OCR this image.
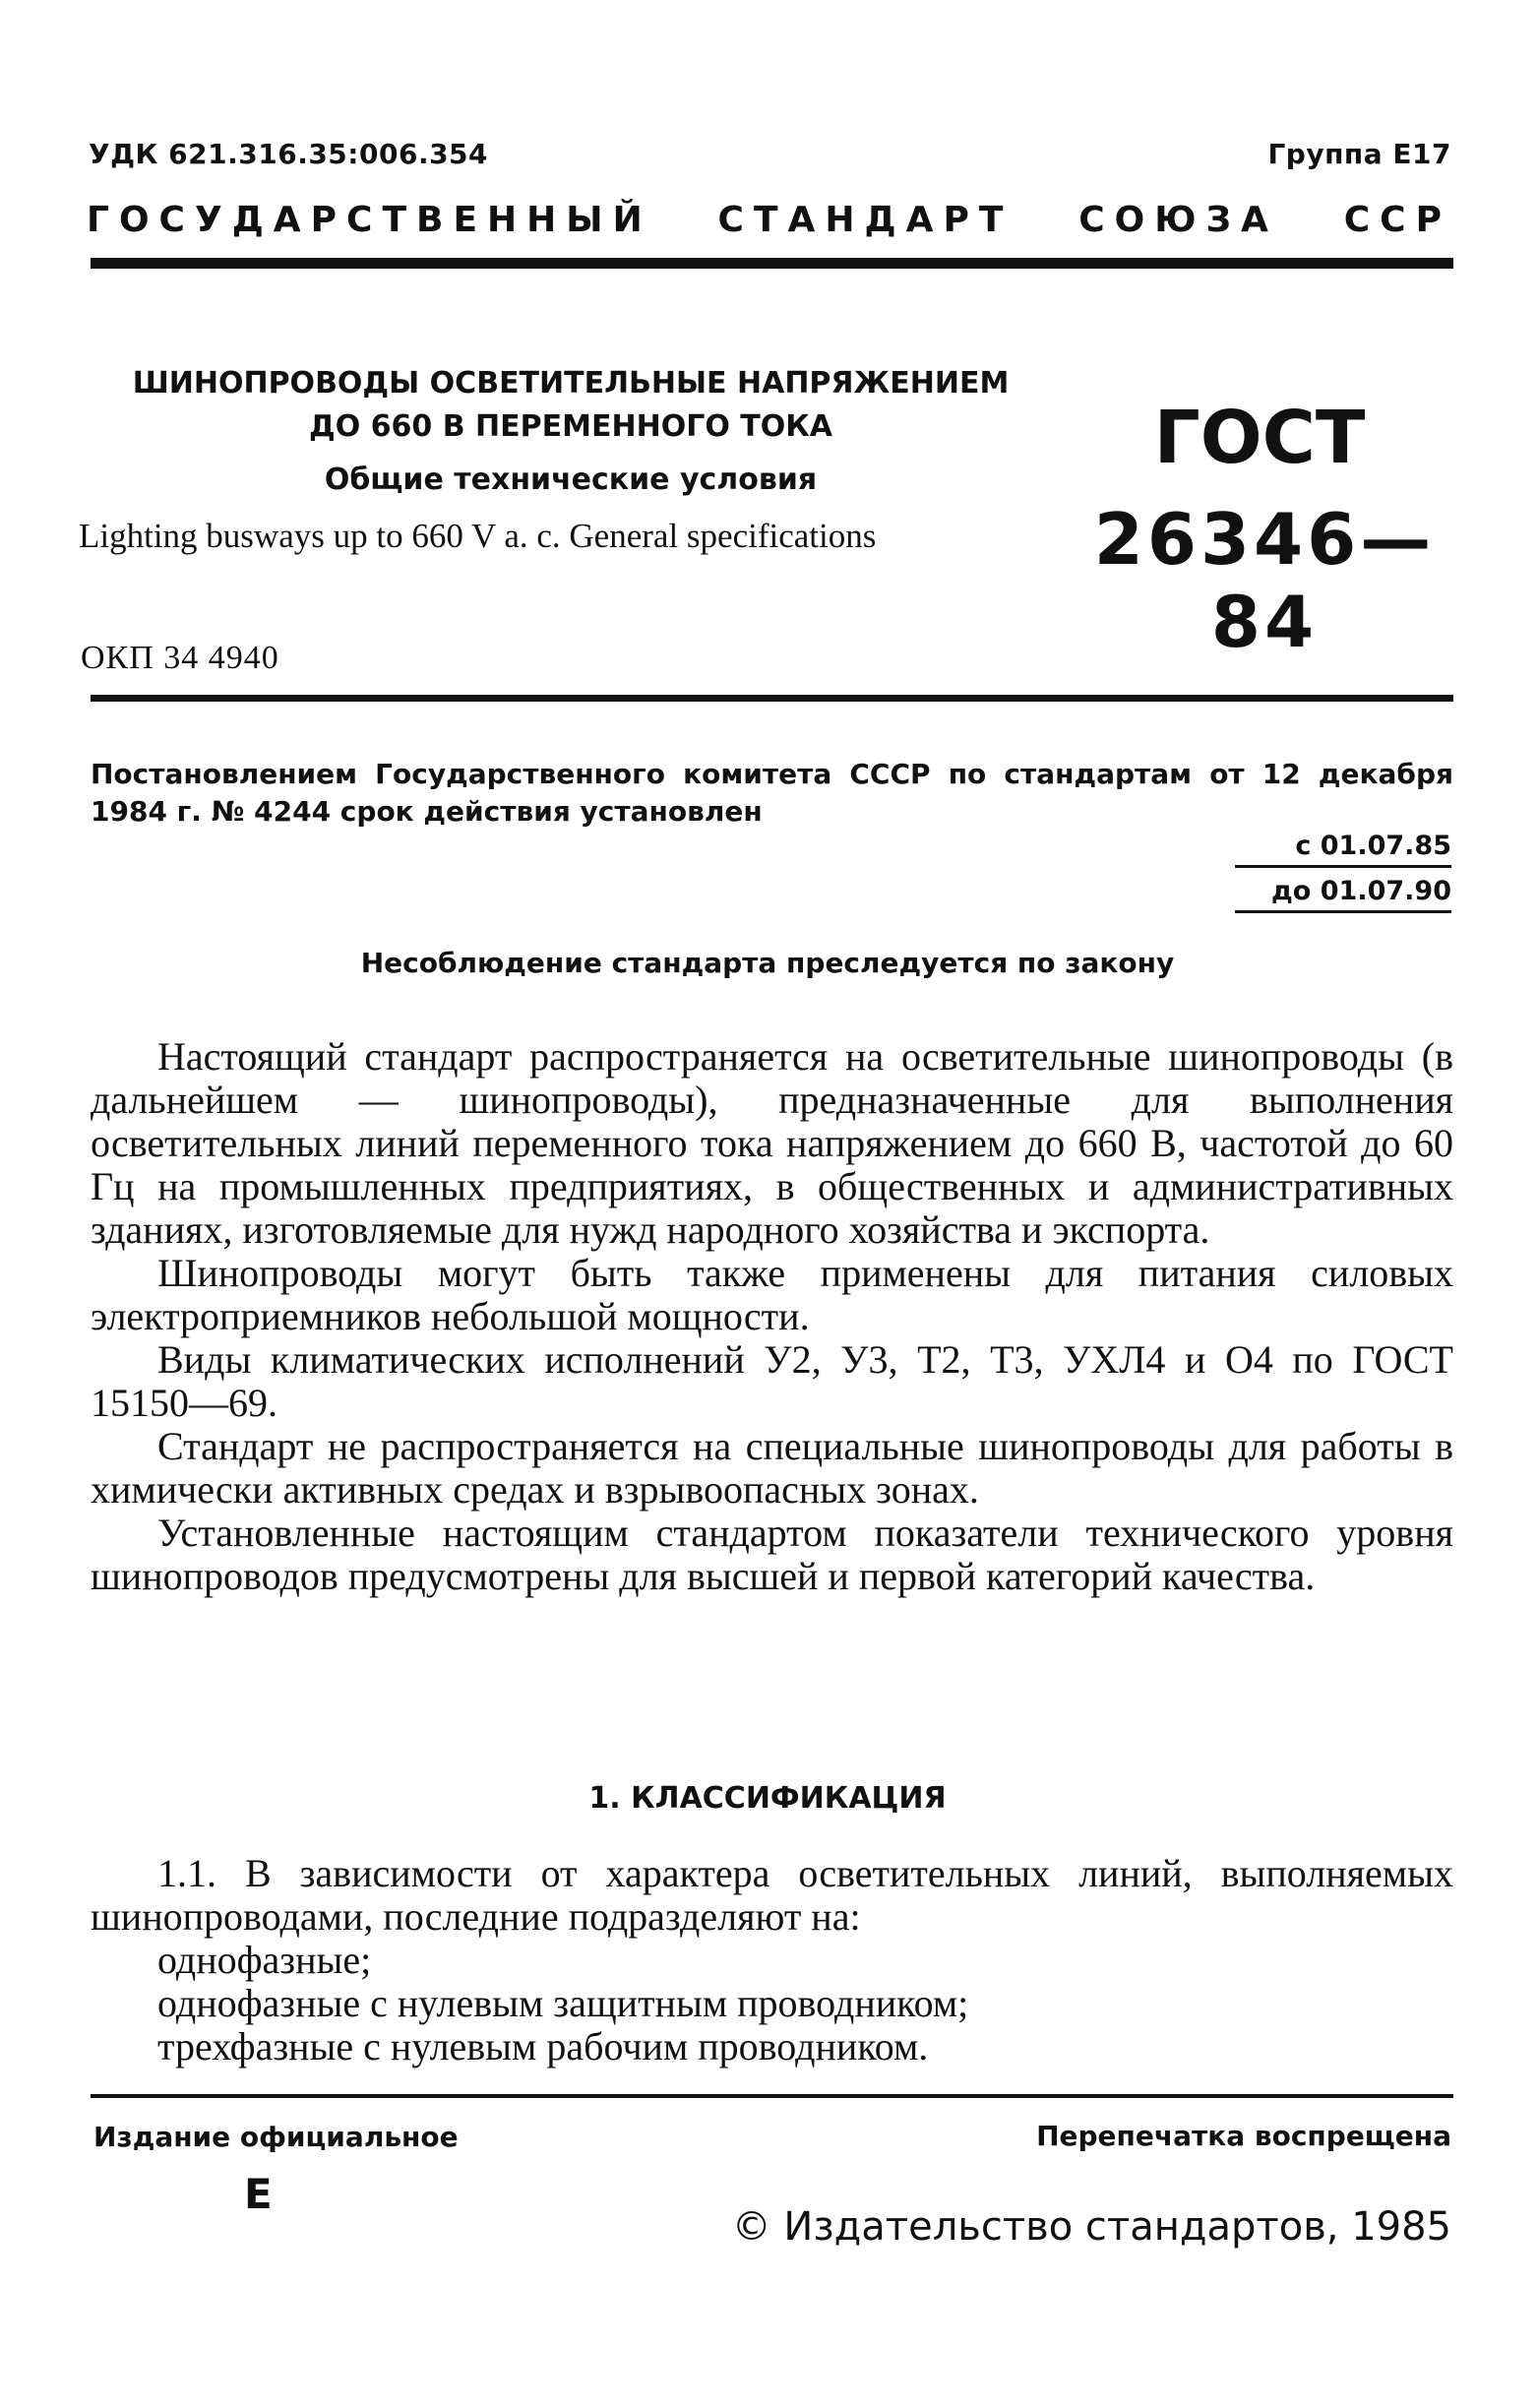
УДК 621.316.35:006.354	Группа E17
ГОСУДАРСТВЕННЫЙ СТАНДАРТ СОЮЗА ССР
ШИНОПРОВОДЫ ОСВЕТИТЕЛЬНЫЕ НАПРЯЖЕНИЕМ
ДО 660 В ПЕРЕМЕННОГО ТОКА
Общие технические условия
Lighting busways up to 660 V a. c. General specifications
ГОСТ
26346—84
ОКП 34 4940
Постановлением Государственного комитета СССР по стандартам от 12 декабря 1984 г. № 4244 срок действия установлен
с 01.07.85
до 01.07.90
Несоблюдение стандарта преследуется по закону

Настоящий стандарт распространяется на осветительные шинопроводы (в дальнейшем — шинопроводы), предназначенные для выполнения осветительных линий переменного тока напряжением до 660 В, частотой до 60 Гц на промышленных предприятиях, в общественных и административных зданиях, изготовляемые для нужд народного хозяйства и экспорта.

Шинопроводы могут быть также применены для питания силовых электроприемников небольшой мощности.

Виды климатических исполнений У2, У3, Т2, Т3, УХЛ4 и О4 по ГОСТ 15150—69.

Стандарт не распространяется на специальные шинопроводы для работы в химически активных средах и взрывоопасных зонах.

Установленные настоящим стандартом показатели технического уровня шинопроводов предусмотрены для высшей и первой категорий качества.

1. КЛАССИФИКАЦИЯ

1.1. В зависимости от характера осветительных линий, выполняемых шинопроводами, последние подразделяют на:

однофазные;
однофазные с нулевым защитным проводником;
трехфазные с нулевым рабочим проводником.
Издание официальное	Перепечатка воспрещена
Е
© Издательство стандартов, 1985
